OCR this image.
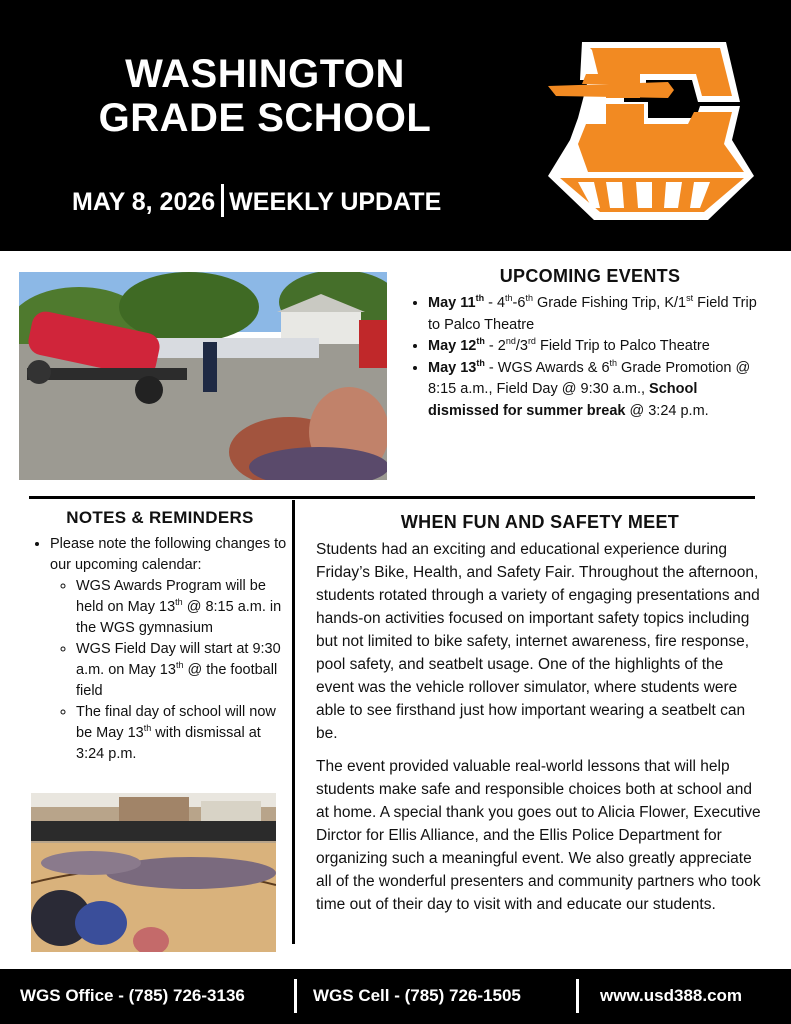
WASHINGTON
GRADE SCHOOL
MAY 8, 2026 WEEKLY UPDATE
UPCOMING EVENTS
• May 11th - 4th-6th Grade Fishing Trip, K/1st Field Trip to Palco Theatre
• May 12th - 2nd/3rd Field Trip to Palco Theatre
• May 13th - WGS Awards & 6th Grade Promotion @ 8:15 a.m., Field Day @ 9:30 a.m., School dismissed for summer break @ 3:24 p.m.
NOTES & REMINDERS
• Please note the following changes to our upcoming calendar:
◦ WGS Awards Program will be held on May 13th @ 8:15 a.m. in the WGS gymnasium
◦ WGS Field Day will start at 9:30 a.m. on May 13th @ the football field
◦ The final day of school will now be May 13th with dismissal at 3:24 p.m.
WHEN FUN AND SAFETY MEET

Students had an exciting and educational experience during Friday’s Bike, Health, and Safety Fair. Throughout the afternoon, students rotated through a variety of engaging presentations and hands-on activities focused on important safety topics including but not limited to bike safety, internet awareness, fire response, pool safety, and seatbelt usage. One of the highlights of the event was the vehicle rollover simulator, where students were able to see firsthand just how important wearing a seatbelt can be.

The event provided valuable real-world lessons that will help students make safe and responsible choices both at school and at home. A special thank you goes out to Alicia Flower, Executive Dirctor for Ellis Alliance, and the Ellis Police Department for organizing such a meaningful event. We also greatly appreciate all of the wonderful presenters and community partners who took time out of their day to visit with and educate our students.

WGS Office - (785) 726-3136	WGS Cell - (785) 726-1505	www.usd388.com
